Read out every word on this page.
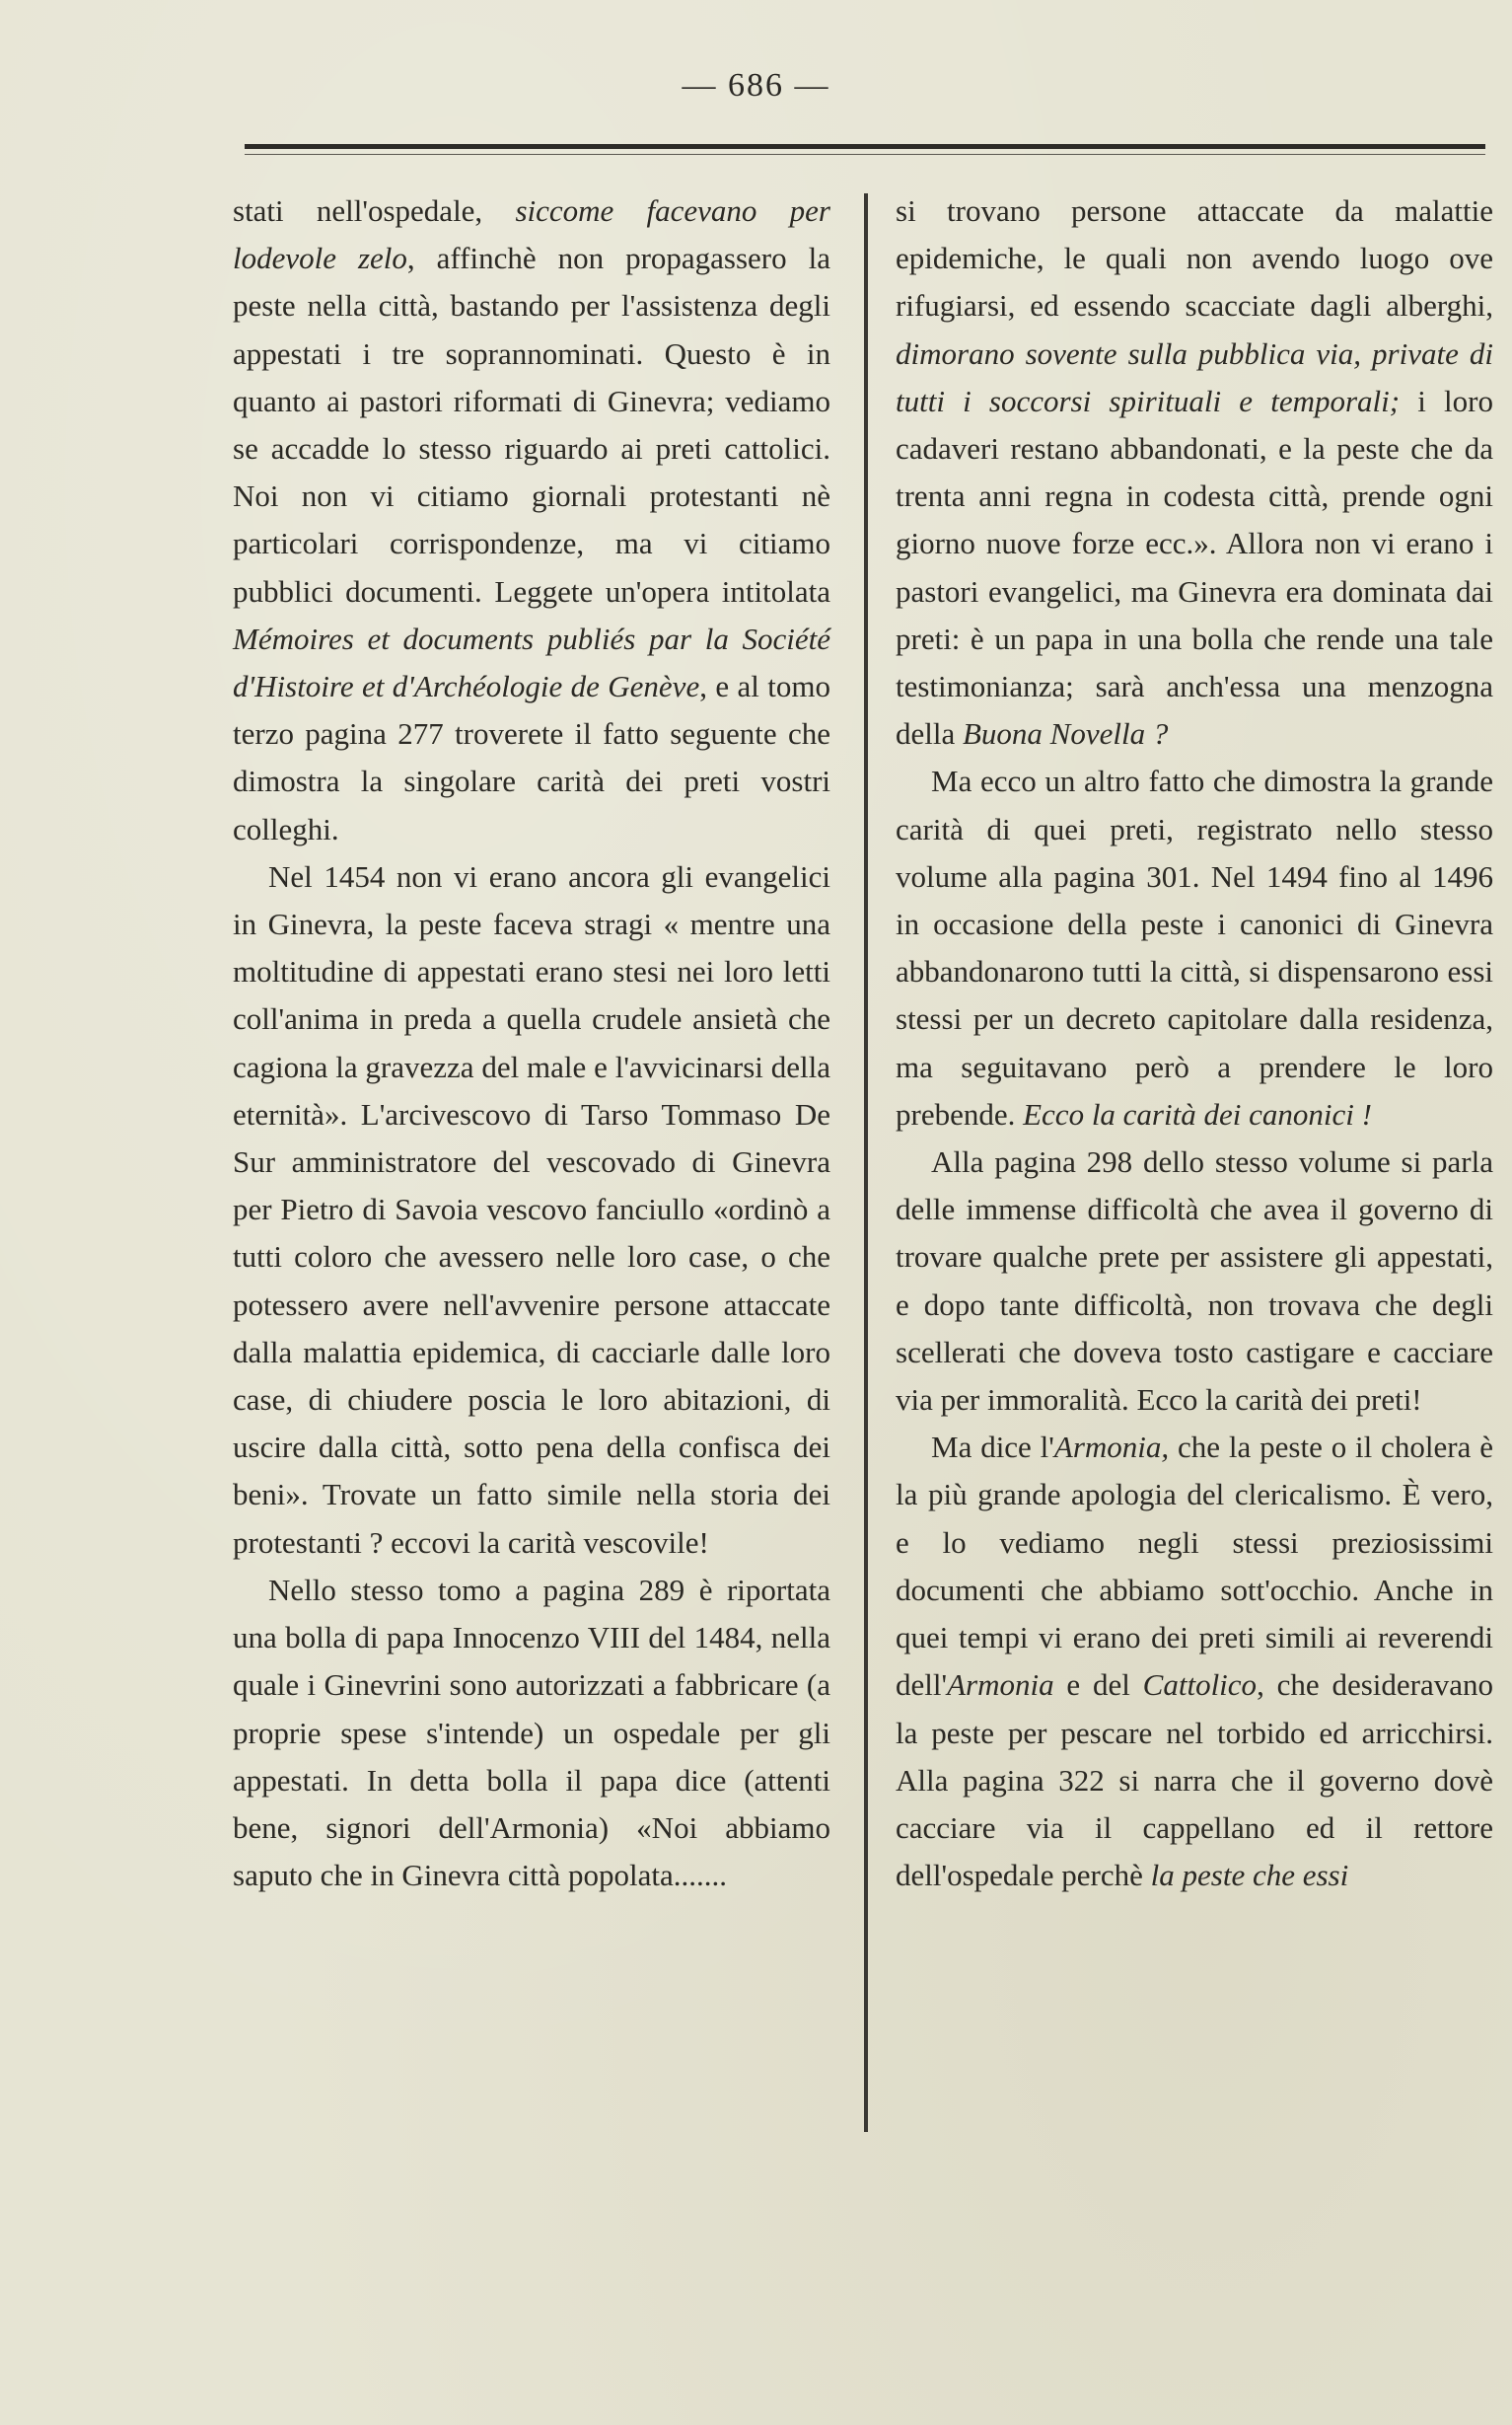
— 686 —

stati nell'ospedale, siccome facevano per lodevole zelo, affinchè non propagassero la peste nella città, bastando per l'assistenza degli appestati i tre soprannominati. Questo è in quanto ai pastori riformati di Ginevra; vediamo se accadde lo stesso riguardo ai preti cattolici. Noi non vi citiamo giornali protestanti nè particolari corrispondenze, ma vi citiamo pubblici documenti. Leggete un'opera intitolata Mémoires et documents publiés par la Société d'Histoire et d'Archéologie de Genève, e al tomo terzo pagina 277 troverete il fatto seguente che dimostra la singolare carità dei preti vostri colleghi.

Nel 1454 non vi erano ancora gli evangelici in Ginevra, la peste faceva stragi « mentre una moltitudine di appestati erano stesi nei loro letti coll'anima in preda a quella crudele ansietà che cagiona la gravezza del male e l'avvicinarsi della eternità». L'arcivescovo di Tarso Tommaso De Sur amministratore del vescovado di Ginevra per Pietro di Savoia vescovo fanciullo «ordinò a tutti coloro che avessero nelle loro case, o che potessero avere nell'avvenire persone attaccate dalla malattia epidemica, di cacciarle dalle loro case, di chiudere poscia le loro abitazioni, di uscire dalla città, sotto pena della confisca dei beni». Trovate un fatto simile nella storia dei protestanti ? eccovi la carità vescovile!

Nello stesso tomo a pagina 289 è riportata una bolla di papa Innocenzo VIII del 1484, nella quale i Ginevrini sono autorizzati a fabbricare (a proprie spese s'intende) un ospedale per gli appestati. In detta bolla il papa dice (attenti bene, signori dell'Armonia) «Noi abbiamo saputo che in Ginevra città popolata.......

si trovano persone attaccate da malattie epidemiche, le quali non avendo luogo ove rifugiarsi, ed essendo scacciate dagli alberghi, dimorano sovente sulla pubblica via, private di tutti i soccorsi spirituali e temporali; i loro cadaveri restano abbandonati, e la peste che da trenta anni regna in codesta città, prende ogni giorno nuove forze ecc.». Allora non vi erano i pastori evangelici, ma Ginevra era dominata dai preti: è un papa in una bolla che rende una tale testimonianza; sarà anch'essa una menzogna della Buona Novella ?

Ma ecco un altro fatto che dimostra la grande carità di quei preti, registrato nello stesso volume alla pagina 301. Nel 1494 fino al 1496 in occasione della peste i canonici di Ginevra abbandonarono tutti la città, si dispensarono essi stessi per un decreto capitolare dalla residenza, ma seguitavano però a prendere le loro prebende. Ecco la carità dei canonici !

Alla pagina 298 dello stesso volume si parla delle immense difficoltà che avea il governo di trovare qualche prete per assistere gli appestati, e dopo tante difficoltà, non trovava che degli scellerati che doveva tosto castigare e cacciare via per immoralità. Ecco la carità dei preti!

Ma dice l'Armonia, che la peste o il cholera è la più grande apologia del clericalismo. È vero, e lo vediamo negli stessi preziosissimi documenti che abbiamo sott'occhio. Anche in quei tempi vi erano dei preti simili ai reverendi dell'Armonia e del Cattolico, che desideravano la peste per pescare nel torbido ed arricchirsi. Alla pagina 322 si narra che il governo dovè cacciare via il cappellano ed il rettore dell'ospedale perchè la peste che essi
